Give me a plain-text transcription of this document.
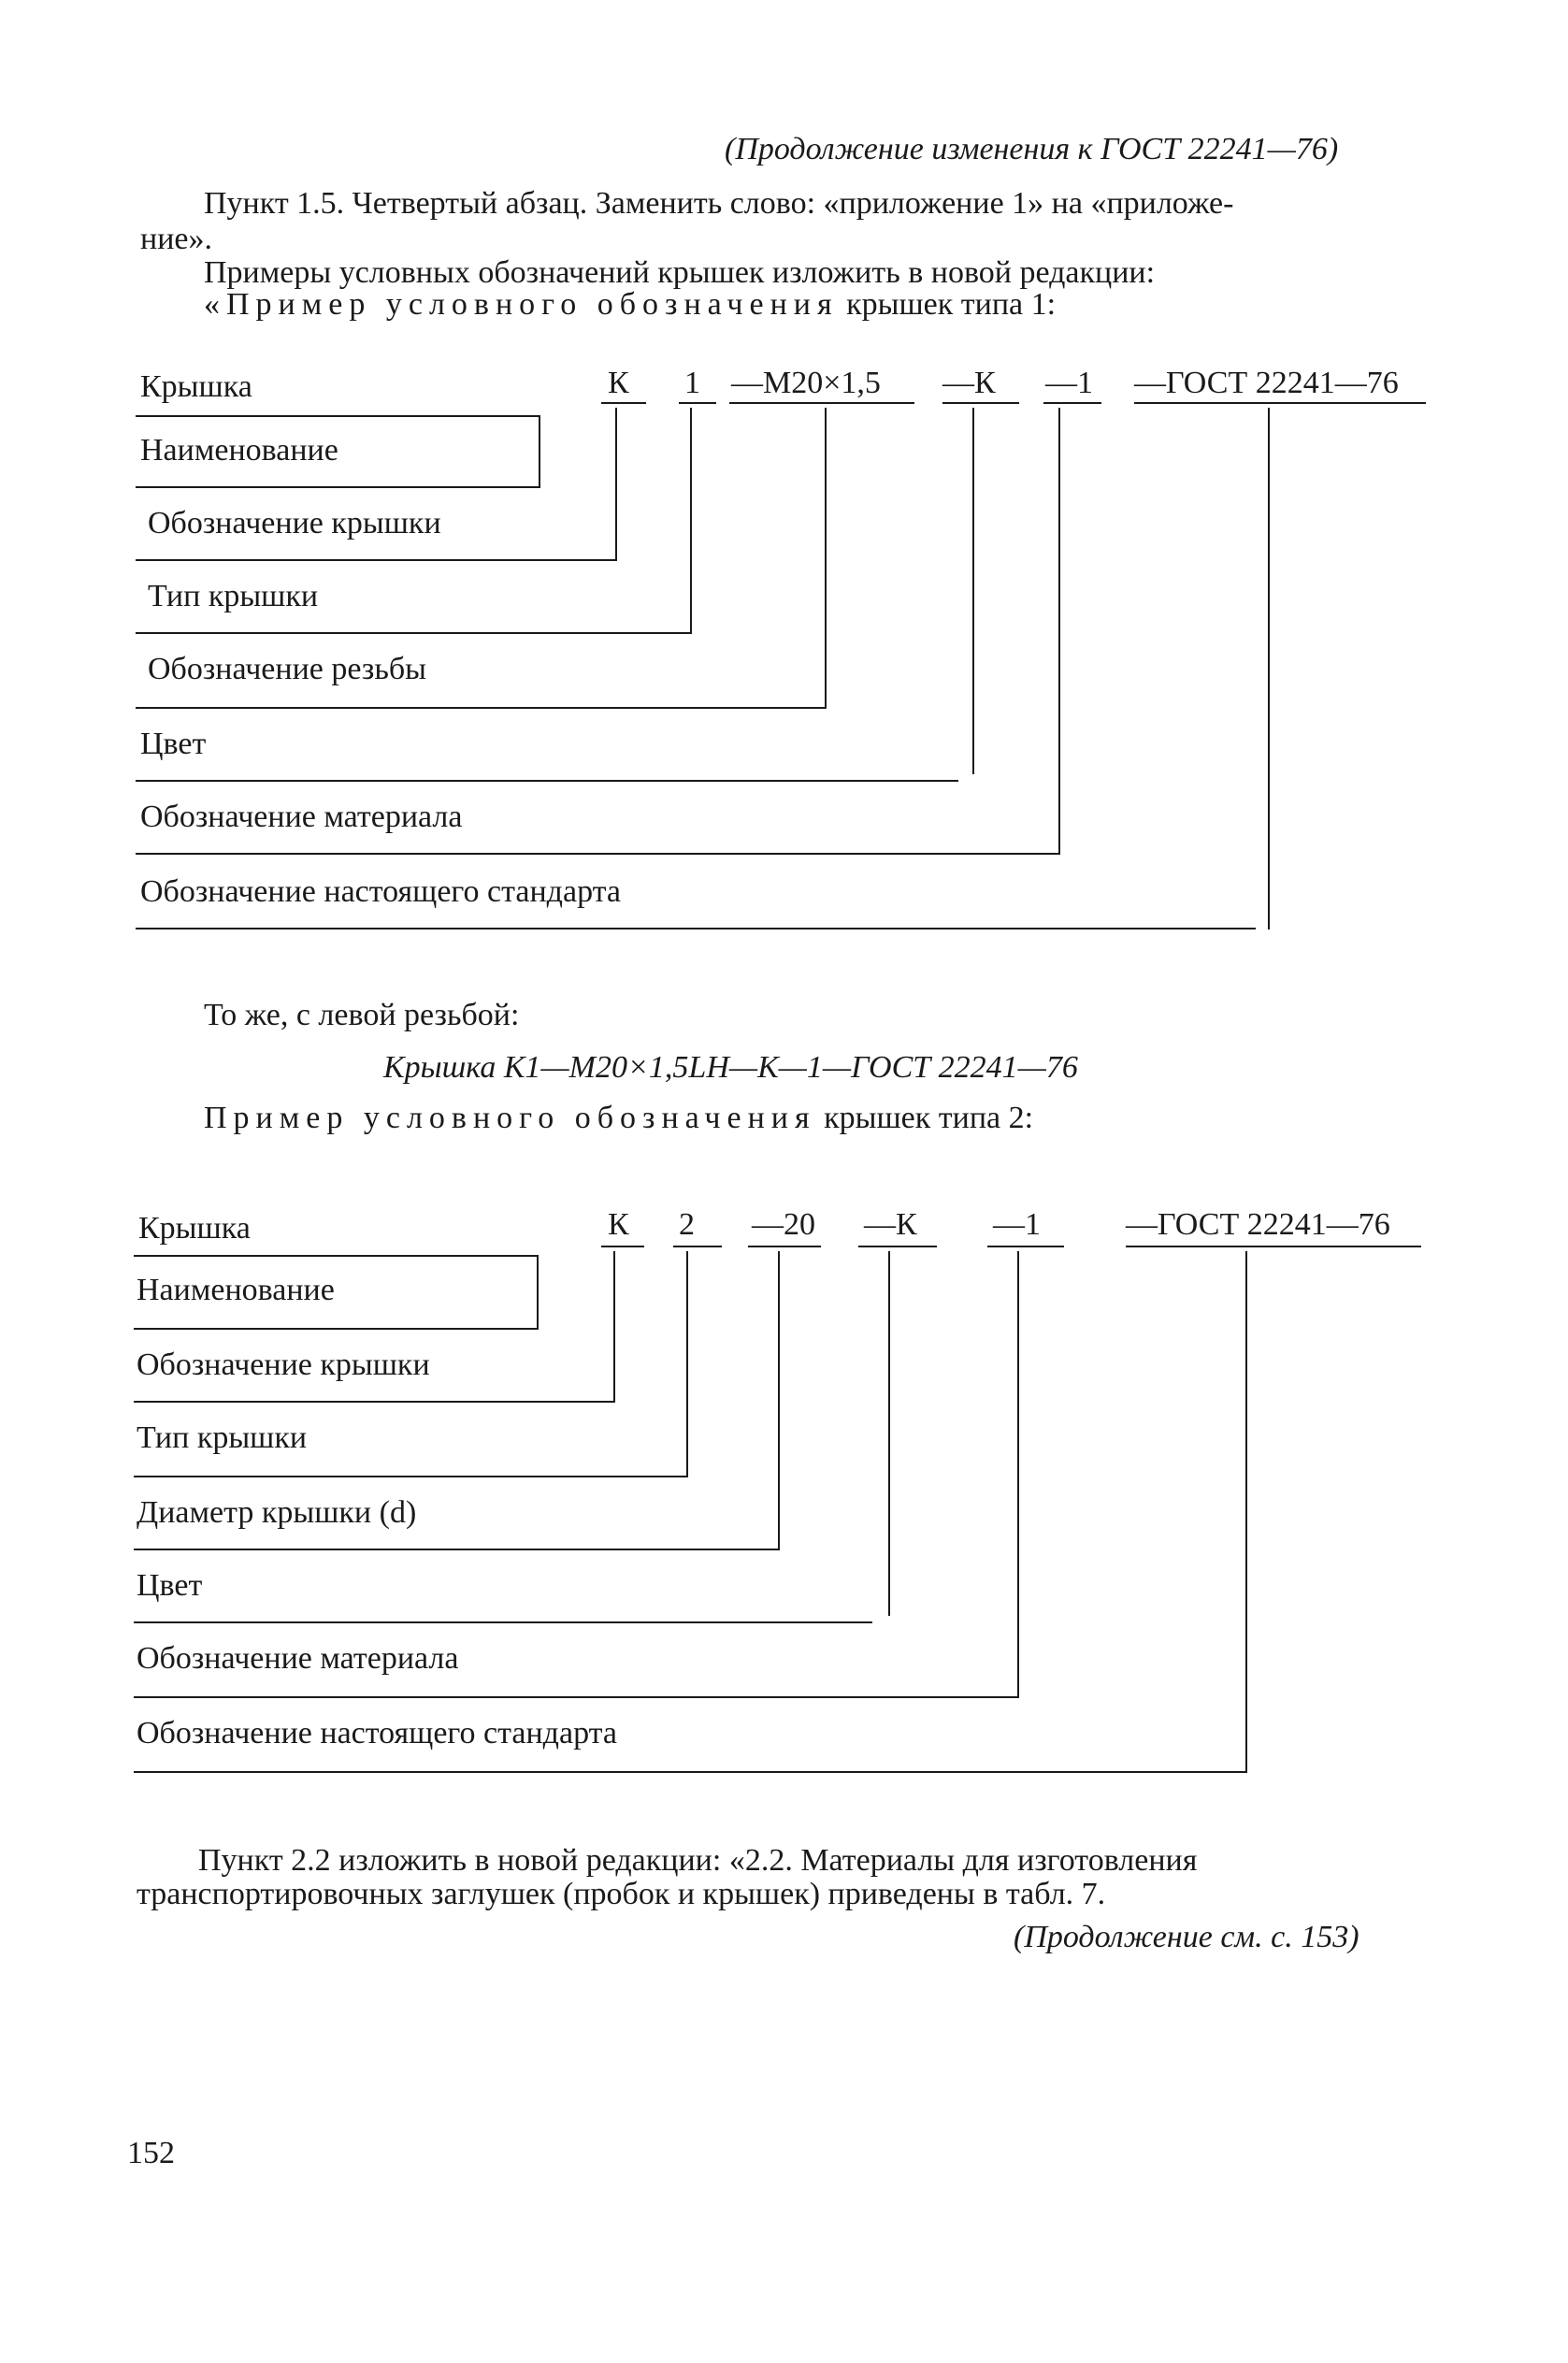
(Продолжение изменения к ГОСТ 22241—76)
Пункт 1.5. Четвертый абзац. Заменить слово: «приложение 1» на «приложе-
ние».
Примеры условных обозначений крышек изложить в новой редакции:
«Пример условного обозначения крышек типа 1:
Крышка	К 1 —М20×1,5 —К —1 —ГОСТ 22241—76
Наименование
Обозначение крышки
Тип крышки
Обозначение резьбы
Цвет
Обозначение материала
Обозначение настоящего стандарта
То же, с левой резьбой:
Крышка К1—М20×1,5LH—К—1—ГОСТ 22241—76
Пример условного обозначения крышек типа 2:
Крышка	К 2 —20 —К —1	—ГОСТ 22241—76
Наименование
Обозначение крышки
Тип крышки
Диаметр крышки (d)
Цвет
Обозначение материала
Обозначение настоящего стандарта
Пункт 2.2 изложить в новой редакции: «2.2. Материалы для изготовления
транспортировочных заглушек (пробок и крышек) приведены в табл. 7.
(Продолжение см. с. 153)
152
